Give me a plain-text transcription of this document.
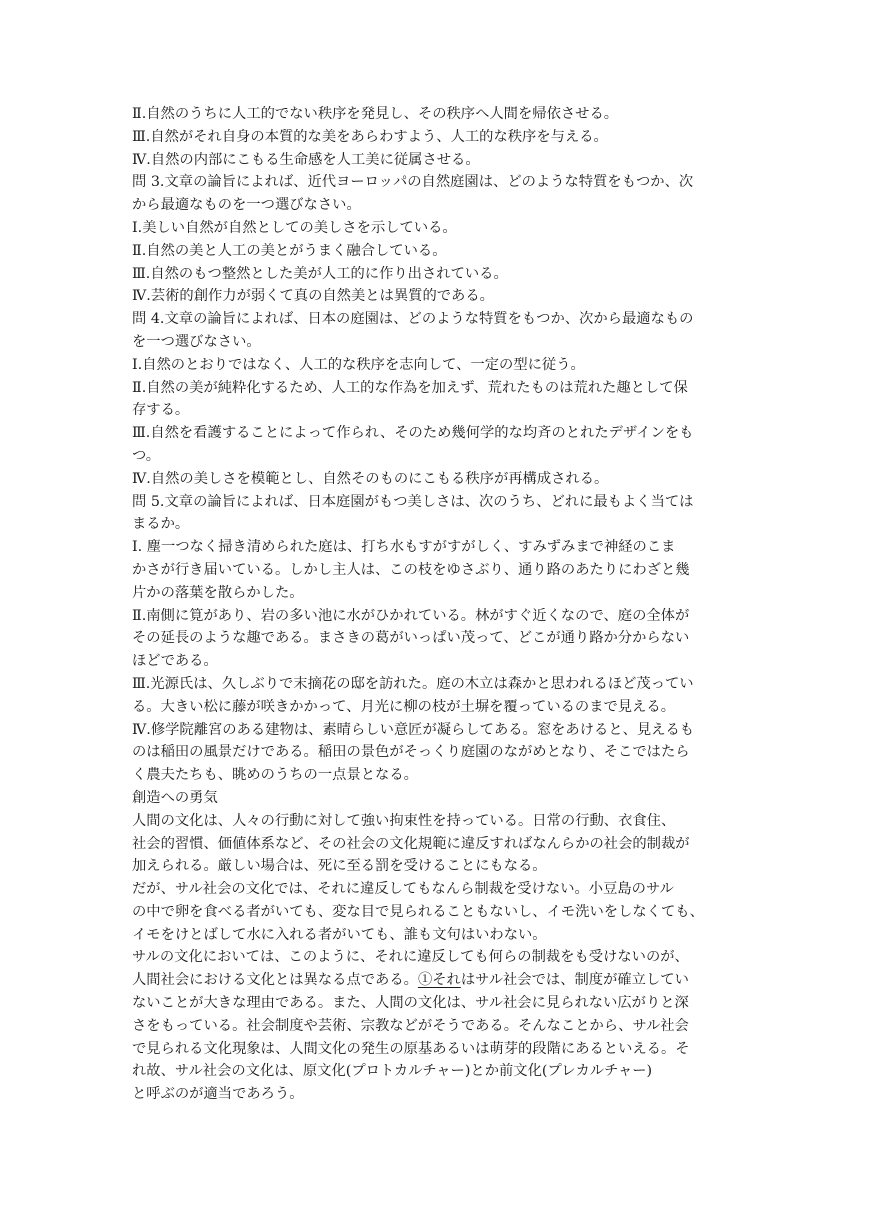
Ⅱ.自然のうちに人工的でない秩序を発見し、その秩序へ人間を帰依させる。
Ⅲ.自然がそれ自身の本質的な美をあらわすよう、人工的な秩序を与える。
Ⅳ.自然の内部にこもる生命感を人工美に従属させる。
問 3.文章の論旨によれば、近代ヨーロッパの自然庭園は、どのような特質をもつか、次
から最適なものを一つ選びなさい。
Ⅰ.美しい自然が自然としての美しさを示している。
Ⅱ.自然の美と人工の美とがうまく融合している。
Ⅲ.自然のもつ整然とした美が人工的に作り出されている。
Ⅳ.芸術的創作力が弱くて真の自然美とは異質的である。
問 4.文章の論旨によれば、日本の庭園は、どのような特質をもつか、次から最適なもの
を一つ選びなさい。
Ⅰ.自然のとおりではなく、人工的な秩序を志向して、一定の型に従う。
Ⅱ.自然の美が純粋化するため、人工的な作為を加えず、荒れたものは荒れた趣として保
存する。
Ⅲ.自然を看護することによって作られ、そのため幾何学的な均斉のとれたデザインをも
つ。
Ⅳ.自然の美しさを模範とし、自然そのものにこもる秩序が再構成される。
問 5.文章の論旨によれば、日本庭園がもつ美しさは、次のうち、どれに最もよく当ては
まるか。
Ⅰ. 塵一つなく掃き清められた庭は、打ち水もすがすがしく、すみずみまで神経のこま
かさが行き届いている。しかし主人は、この枝をゆさぶり、通り路のあたりにわざと幾
片かの落葉を散らかした。
Ⅱ.南側に筧があり、岩の多い池に水がひかれている。林がすぐ近くなので、庭の全体が
その延長のような趣である。まさきの葛がいっぱい茂って、どこが通り路か分からない
ほどである。
Ⅲ.光源氏は、久しぶりで末摘花の邸を訪れた。庭の木立は森かと思われるほど茂ってい
る。大きい松に藤が咲きかかって、月光に柳の枝が土塀を覆っているのまで見える。
Ⅳ.修学院離宮のある建物は、素晴らしい意匠が凝らしてある。窓をあけると、見えるも
のは稲田の風景だけである。稲田の景色がそっくり庭園のながめとなり、そこではたら
く農夫たちも、眺めのうちの一点景となる。
創造への勇気
人間の文化は、人々の行動に対して強い拘束性を持っている。日常の行動、衣食住、
社会的習慣、価値体系など、その社会の文化規範に違反すればなんらかの社会的制裁が
加えられる。厳しい場合は、死に至る罰を受けることにもなる。
だが、サル社会の文化では、それに違反してもなんら制裁を受けない。小豆島のサル
の中で卵を食べる者がいても、変な目で見られることもないし、イモ洗いをしなくても、
イモをけとばして水に入れる者がいても、誰も文句はいわない。
サルの文化においては、このように、それに違反しても何らの制裁をも受けないのが、
人間社会における文化とは異なる点である。①それはサル社会では、制度が確立してい
ないことが大きな理由である。また、人間の文化は、サル社会に見られない広がりと深
さをもっている。社会制度や芸術、宗教などがそうである。そんなことから、サル社会
で見られる文化現象は、人間文化の発生の原基あるいは萌芽的段階にあるといえる。そ
れ故、サル社会の文化は、原文化(プロトカルチャー)とか前文化(プレカルチャー)
と呼ぶのが適当であろう。
